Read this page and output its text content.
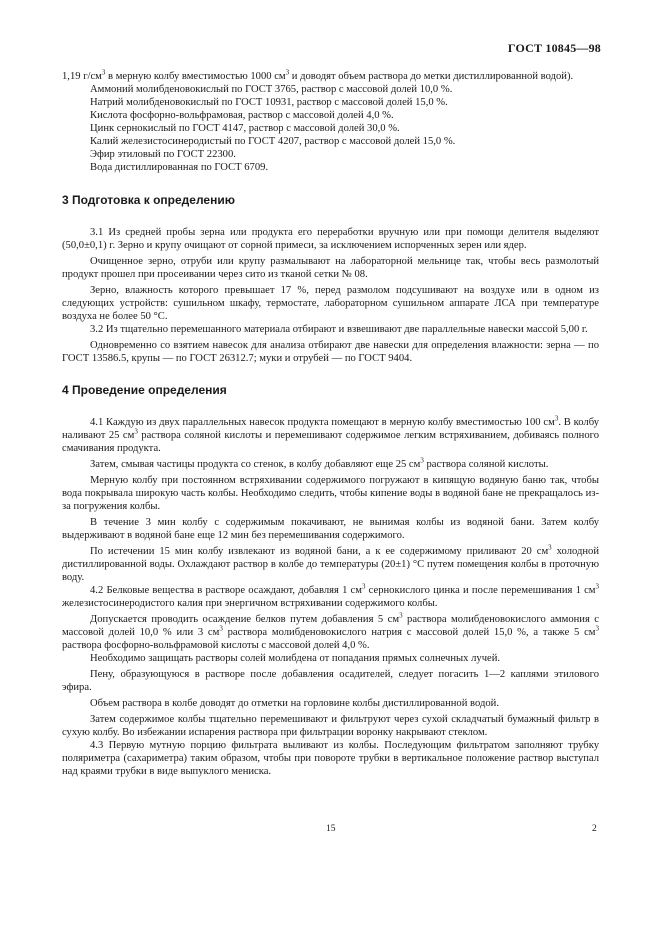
ГОСТ 10845—98

1,19 $г/см^3$ в мерную колбу вместимостью 1000 $см^3$ и доводят объем раствора до метки дистиллированной водой).

Аммоний молибденовокислый по ГОСТ 3765, раствор с массовой долей 10,0 %.

Натрий молибденовокислый по ГОСТ 10931, раствор с массовой долей 15,0 %.

Кислота фосфорно-вольфрамовая, раствор с массовой долей 4,0 %.

Цинк сернокислый по ГОСТ 4147, раствор с массовой долей 30,0 %.

Калий железистосинеродистый по ГОСТ 4207, раствор с массовой долей 15,0 %.

Эфир этиловый по ГОСТ 22300.

Вода дистиллированная по ГОСТ 6709.

3 Подготовка к определению

3.1 Из средней пробы зерна или продукта его переработки вручную или при помощи делителя выделяют (50,0±0,1) г. Зерно и крупу очищают от сорной примеси, за исключением испорченных зерен или ядер.

Очищенное зерно, отруби или крупу размалывают на лабораторной мельнице так, чтобы весь размолотый продукт прошел при просеивании через сито из тканой сетки № 08.

Зерно, влажность которого превышает 17 %, перед размолом подсушивают на воздухе или в одном из следующих устройств: сушильном шкафу, термостате, лабораторном сушильном аппарате ЛСА при температуре воздуха не более 50 °С.

3.2 Из тщательно перемешанного материала отбирают и взвешивают две параллельные навески массой 5,00 г.

Одновременно со взятием навесок для анализа отбирают две навески для определения влажности: зерна — по ГОСТ 13586.5, крупы — по ГОСТ 26312.7; муки и отрубей — по ГОСТ 9404.

4 Проведение определения

4.1 Каждую из двух параллельных навесок продукта помещают в мерную колбу вместимостью 100 $см^3$. В колбу наливают 25 $см^3$ раствора соляной кислоты и перемешивают содержимое легким встряхиванием, добиваясь полного смачивания продукта.

Затем, смывая частицы продукта со стенок, в колбу добавляют еще 25 $см^3$ раствора соляной кислоты.

Мерную колбу при постоянном встряхивании содержимого погружают в кипящую водяную баню так, чтобы вода покрывала широкую часть колбы. Необходимо следить, чтобы кипение воды в водяной бане не прекращалось из-за погружения колбы.

В течение 3 мин колбу с содержимым покачивают, не вынимая колбы из водяной бани. Затем колбу выдерживают в водяной бане еще 12 мин без перемешивания содержимого.

По истечении 15 мин колбу извлекают из водяной бани, а к ее содержимому приливают 20 $см^3$ холодной дистиллированной воды. Охлаждают раствор в колбе до температуры (20±1) °С путем помещения колбы в проточную воду.

4.2 Белковые вещества в растворе осаждают, добавляя 1 $см^3$ сернокислого цинка и после перемешивания 1 $см^3$ железистосинеродистого калия при энергичном встряхивании содержимого колбы.

Допускается проводить осаждение белков путем добавления 5 $см^3$ раствора молибденовокислого аммония с массовой долей 10,0 % или 3 $см^3$ раствора молибденовокислого натрия с массовой долей 15,0 %, а также 5 $см^3$ раствора фосфорно-вольфрамовой кислоты с массовой долей 4,0 %.

Необходимо защищать растворы солей молибдена от попадания прямых солнечных лучей.

Пену, образующуюся в растворе после добавления осадителей, следует погасить 1—2 каплями этилового эфира.

Объем раствора в колбе доводят до отметки на горловине колбы дистиллированной водой.

Затем содержимое колбы тщательно перемешивают и фильтруют через сухой складчатый бумажный фильтр в сухую колбу. Во избежании испарения раствора при фильтрации воронку накрывают стеклом.

4.3 Первую мутную порцию фильтрата выливают из колбы. Последующим фильтратом заполняют трубку поляриметра (сахариметра) таким образом, чтобы при повороте трубки в вертикальное положение раствор выступал над краями трубки в виде выпуклого мениска.

15	2
